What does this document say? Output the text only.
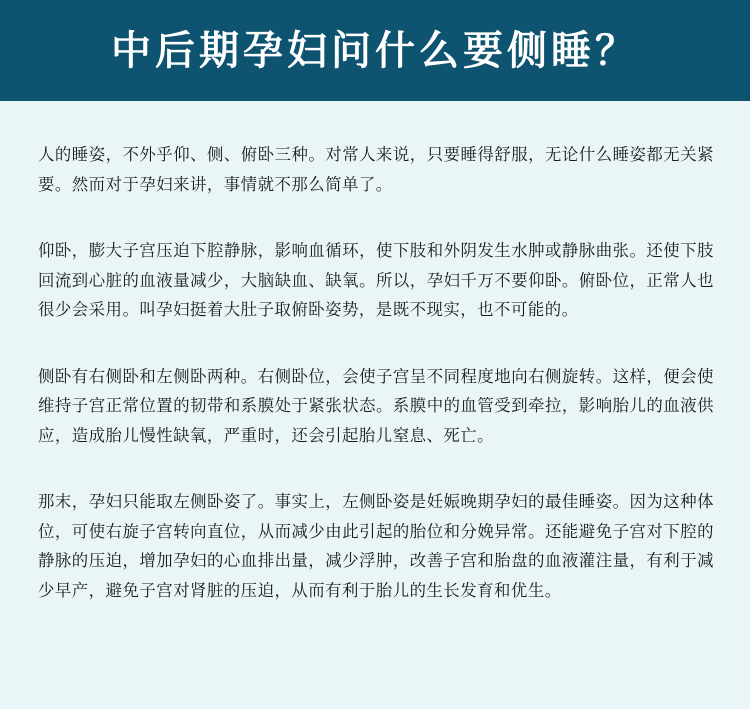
中后期孕妇问什么要侧睡？

人的睡姿，不外乎仰、侧、俯卧三种。对常人来说，只要睡得舒服，无论什么睡姿都无关紧要。然而对于孕妇来讲，事情就不那么简单了。

仰卧，膨大子宫压迫下腔静脉，影响血循环，使下肢和外阴发生水肿或静脉曲张。还使下肢回流到心脏的血液量减少，大脑缺血、缺氧。所以，孕妇千万不要仰卧。俯卧位，正常人也很少会采用。叫孕妇挺着大肚子取俯卧姿势，是既不现实，也不可能的。

侧卧有右侧卧和左侧卧两种。右侧卧位，会使子宫呈不同程度地向右侧旋转。这样，便会使维持子宫正常位置的韧带和系膜处于紧张状态。系膜中的血管受到牵拉，影响胎儿的血液供应，造成胎儿慢性缺氧，严重时，还会引起胎儿窒息、死亡。

那末，孕妇只能取左侧卧姿了。事实上，左侧卧姿是妊娠晚期孕妇的最佳睡姿。因为这种体位，可使右旋子宫转向直位，从而减少由此引起的胎位和分娩异常。还能避免子宫对下腔的静脉的压迫，增加孕妇的心血排出量，减少浮肿，改善子宫和胎盘的血液灌注量，有利于减少早产，避免子宫对肾脏的压迫，从而有利于胎儿的生长发育和优生。
